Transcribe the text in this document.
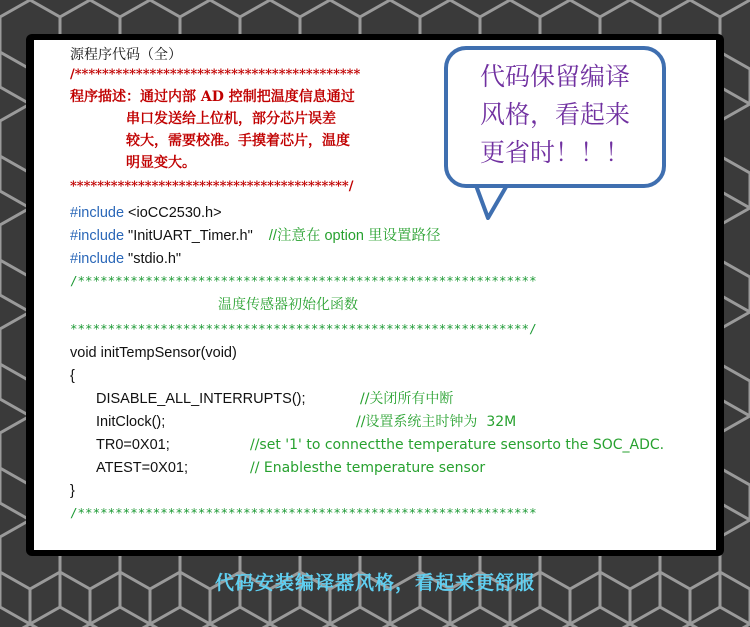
源程序代码（全）
/******************************************
程序描述：通过内部 AD 控制把温度信息通过
串口发送给上位机，部分芯片误差
较大，需要校准。手摸着芯片，温度
明显变大。
*****************************************/
#include <ioCC2530.h>
#include "InitUART_Timer.h" //注意在 option 里设置路径
#include "stdio.h"
/*************************************************************
温度传感器初始化函数
*************************************************************/
void initTempSensor(void)
{
DISABLE_ALL_INTERRUPTS();	//关闭所有中断
InitClock();	//设置系统主时钟为  32M
TR0=0X01;	//set '1' to connectthe temperature sensorto the SOC_ADC.
ATEST=0X01;	// Enablesthe temperature sensor
}
/*************************************************************
代码保留编译
风格，看起来
更省时！！！
代码安装编译器风格，看起来更舒服
